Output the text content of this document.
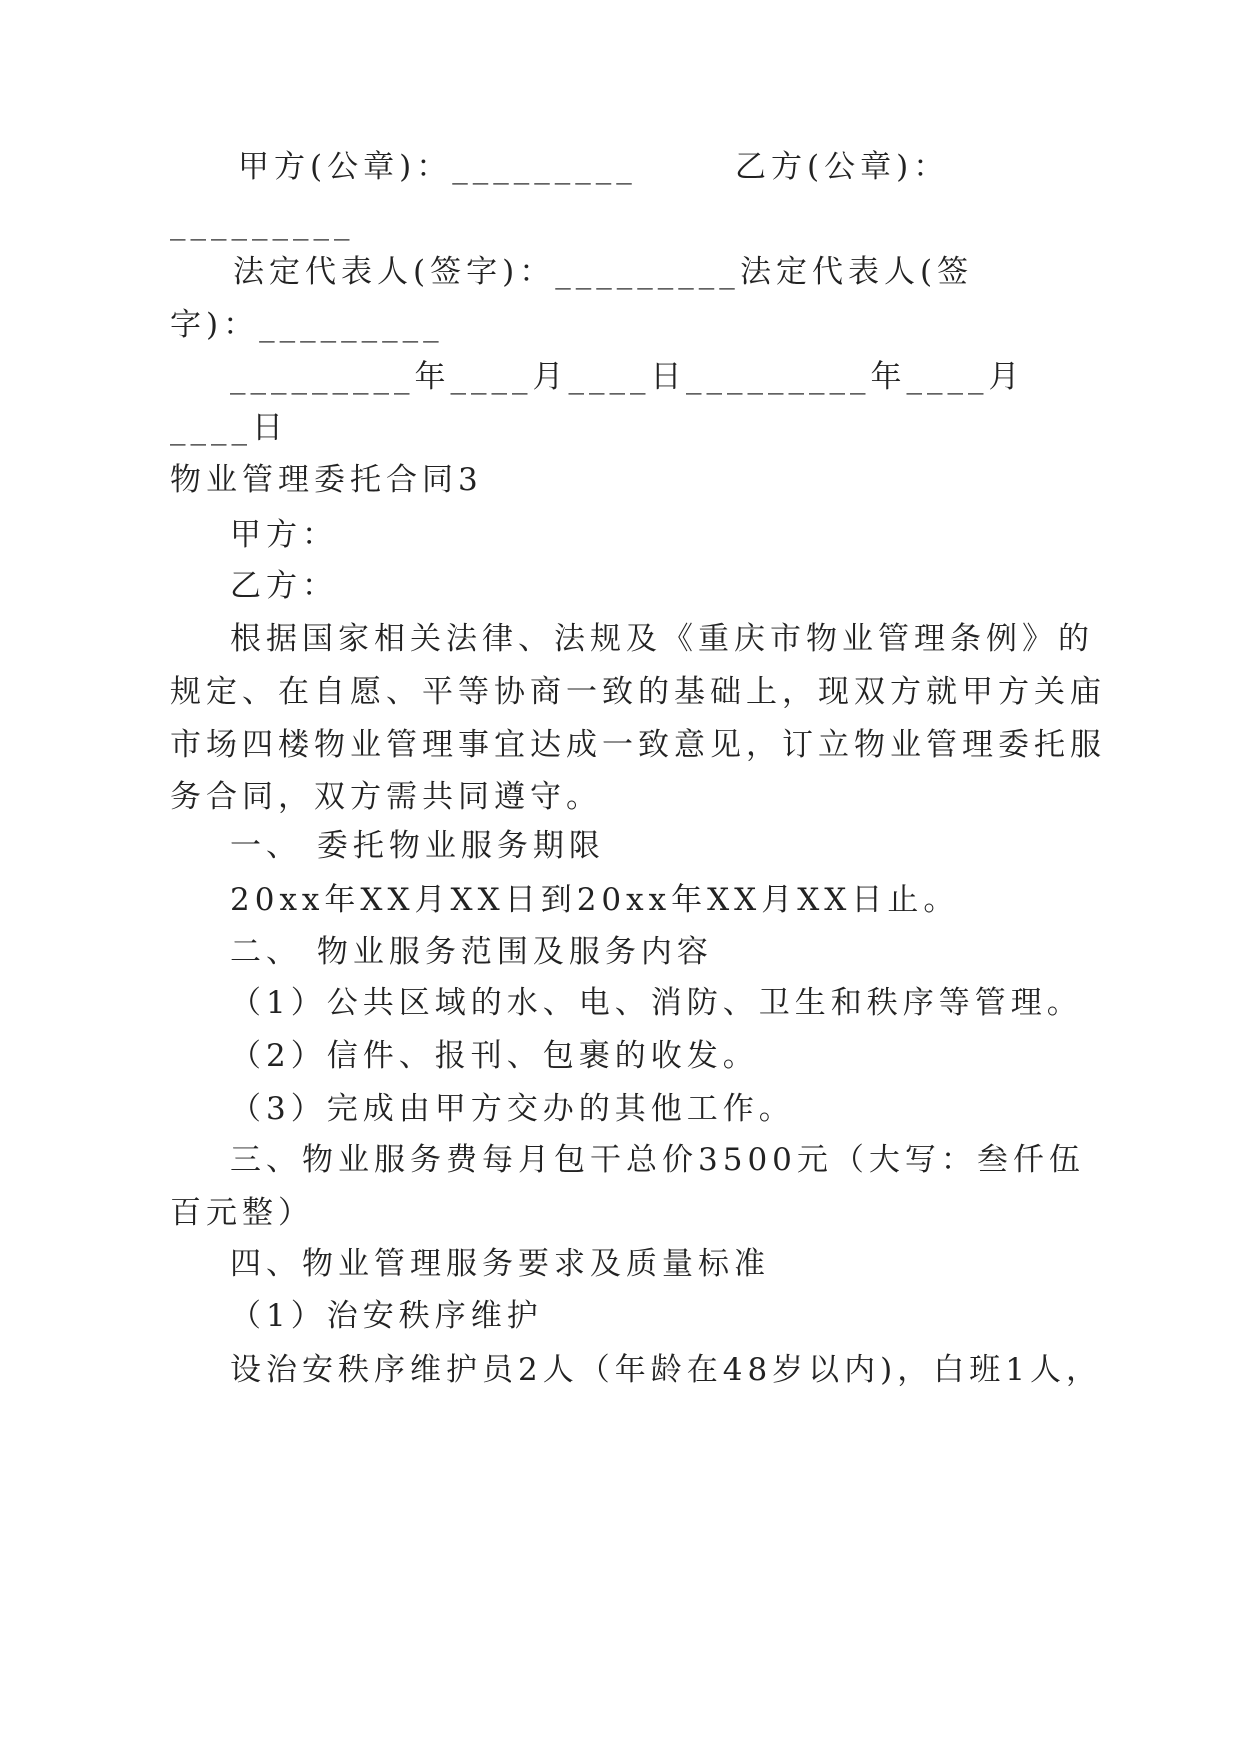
甲方(公章)：_________	乙方(公章)：

_________

法定代表人(签字)：_________ 法定代表人(签

字)：_________

_________年____月____日 _________年____月

____日

物业管理委托合同3

甲方：

乙方：

根据国家相关法律、法规及《重庆市物业管理条例》的

规定、在自愿、平等协商一致的基础上，现双方就甲方关庙

市场四楼物业管理事宜达成一致意见，订立物业管理委托服

务合同，双方需共同遵守。

一、 委托物业服务期限

20xx年XX月XX日到20xx年XX月XX日止。

二、 物业服务范围及服务内容

（1）公共区域的水、电、消防、卫生和秩序等管理。

（2）信件、报刊、包裹的收发。

（3）完成由甲方交办的其他工作。

三、物业服务费每月包干总价3500元（大写：叁仟伍

百元整）

四、物业管理服务要求及质量标准

（1）治安秩序维护

设治安秩序维护员2人（年龄在48岁以内)，白班1人，
